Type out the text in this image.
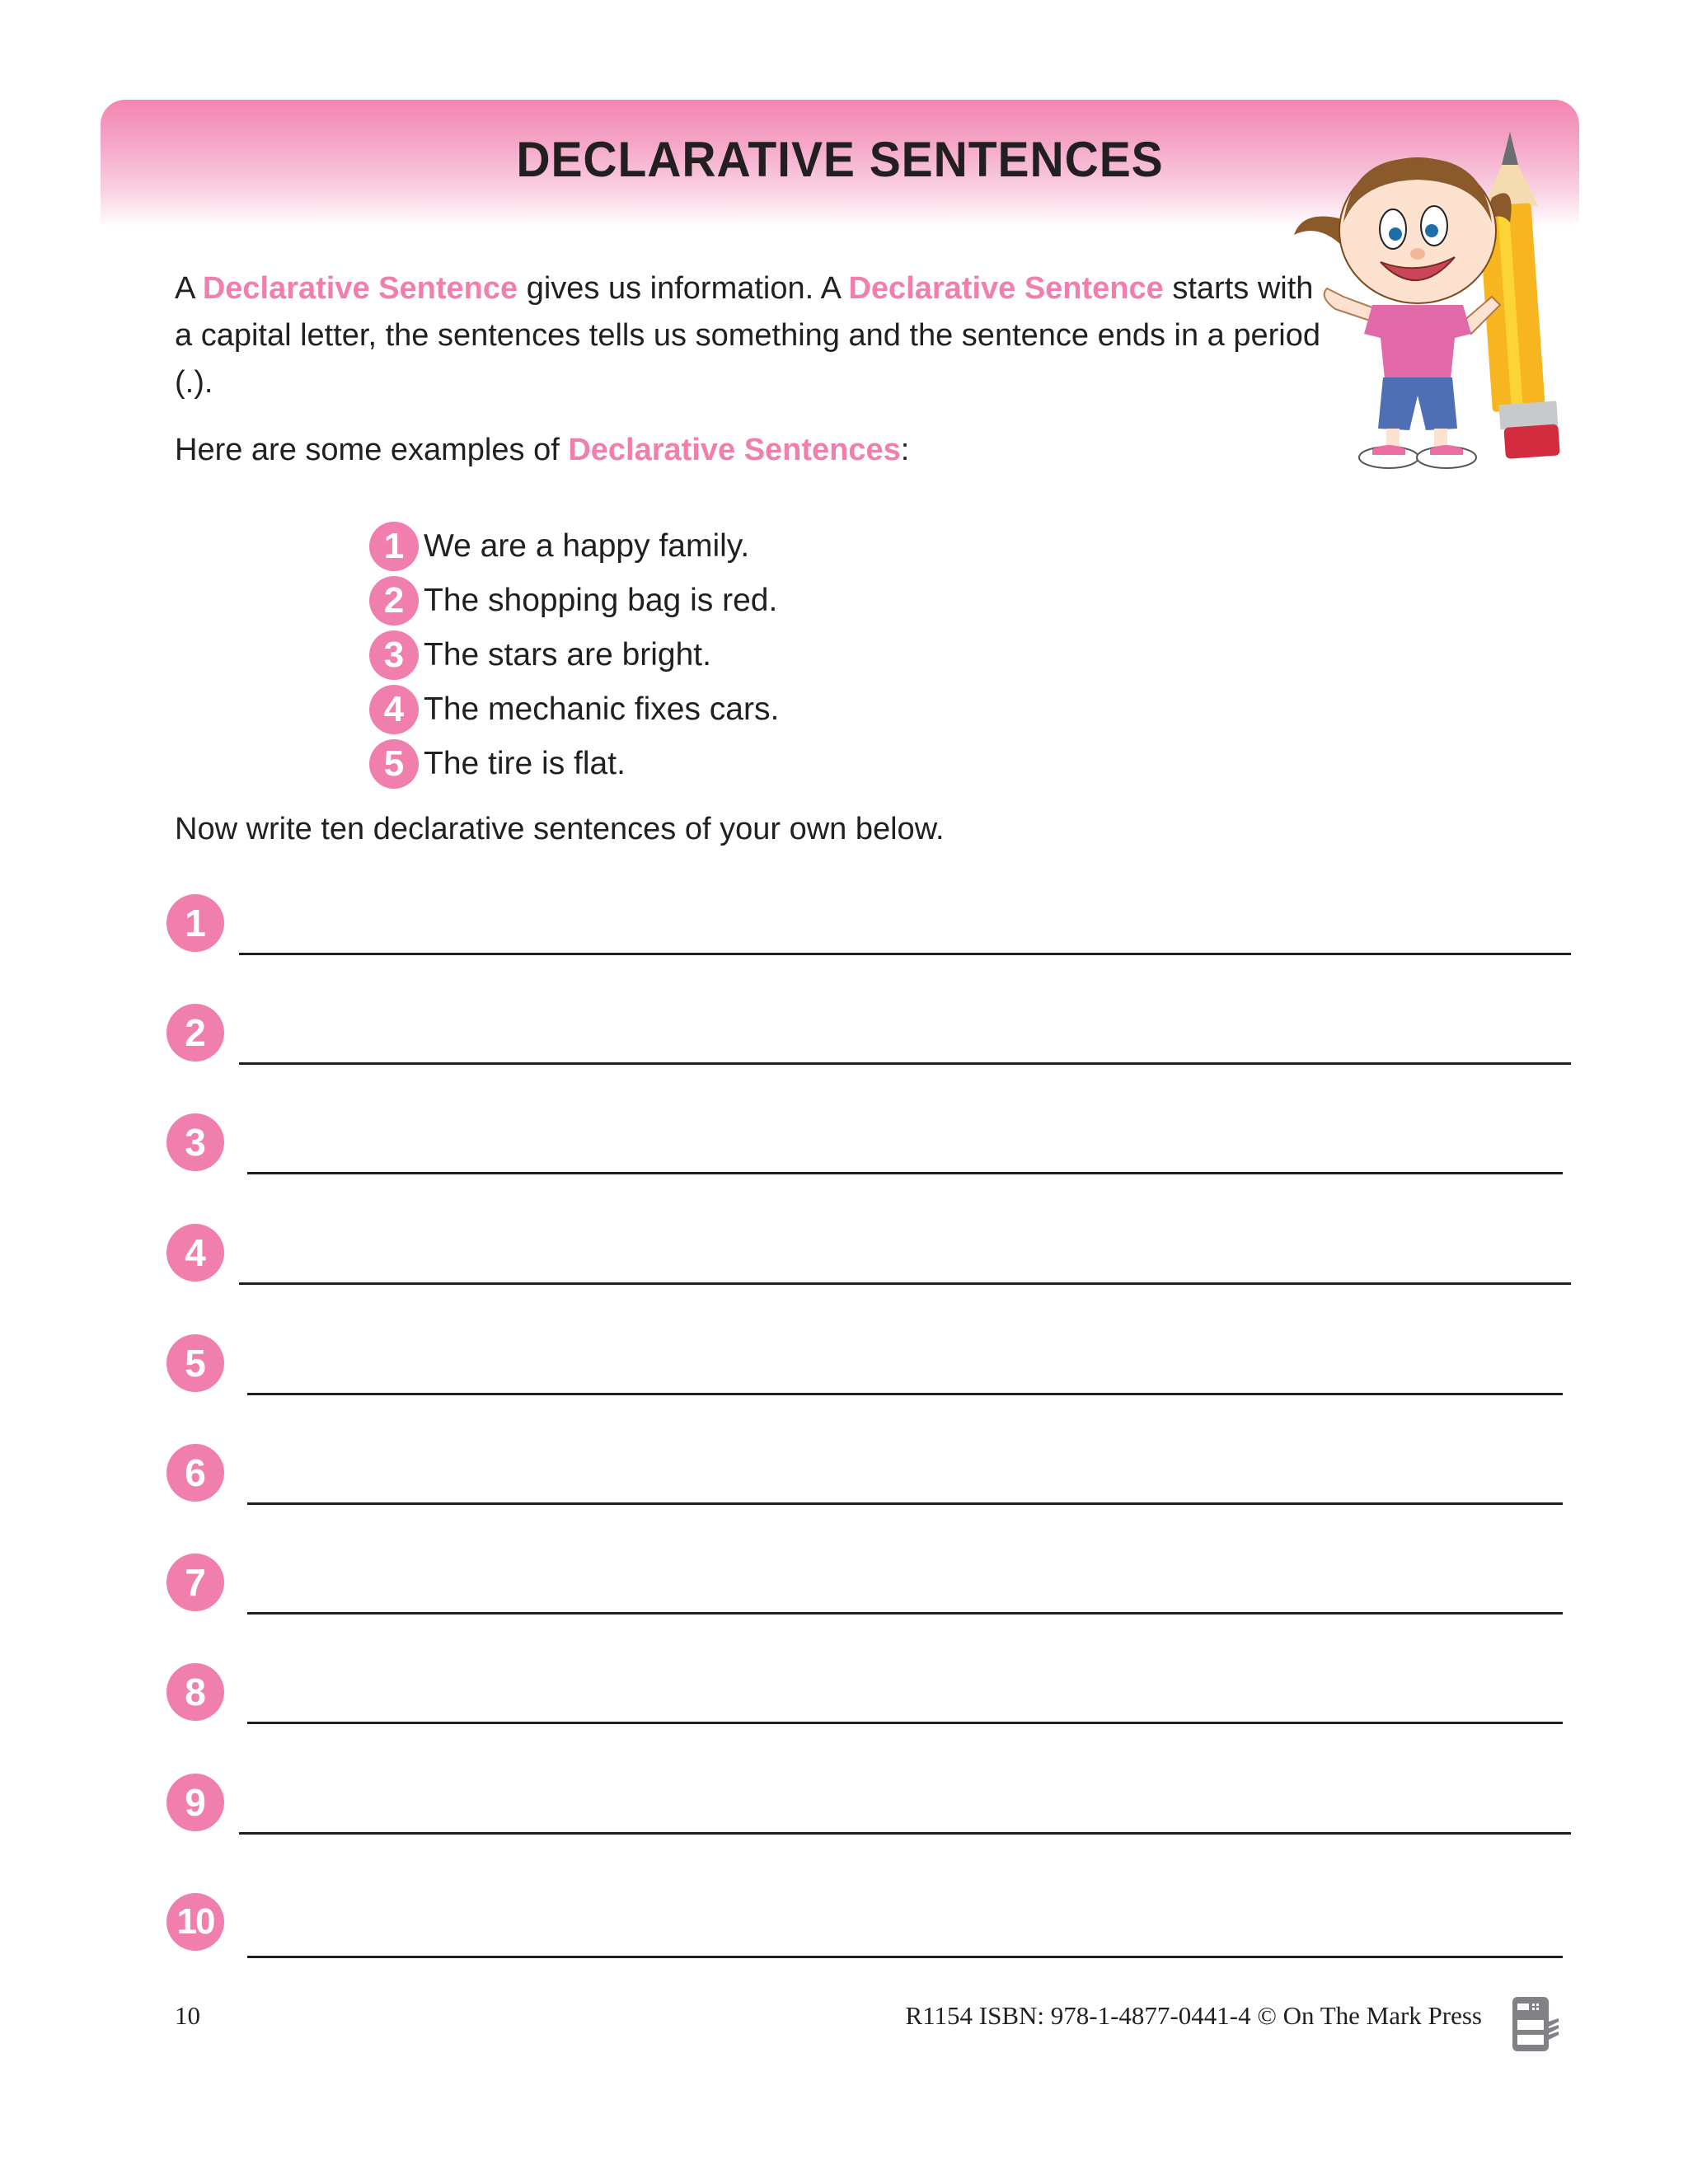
DECLARATIVE SENTENCES

A Declarative Sentence gives us information. A Declarative Sentence starts with a capital letter, the sentences tells us something and the sentence ends in a period (.).

Here are some examples of Declarative Sentences:
1 We are a happy family.
2 The shopping bag is red.
3 The stars are bright.
4 The mechanic fixes cars.
5 The tire is flat.
Now write ten declarative sentences of your own below.
1
2
3
4
5
6
7
8
9
10
10	R1154 ISBN: 978-1-4877-0441-4 © On The Mark Press
